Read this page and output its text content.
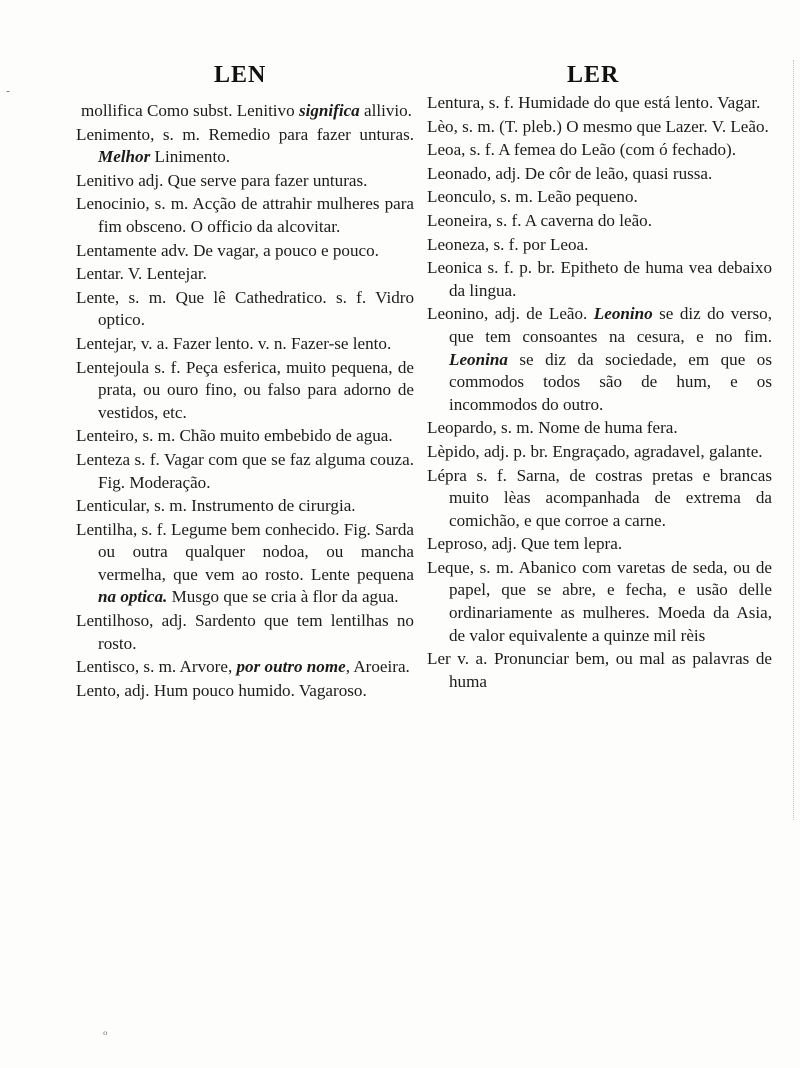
LEN	LER

mollifica Como subst. Lenitivo significa allivio.

Lenimento, s. m. Remedio para fazer unturas. Melhor Linimento.

Lenitivo adj. Que serve para fazer unturas.

Lenocinio, s. m. Acção de attrahir mulheres para fim obsceno. O officio da alcovitar.

Lentamente adv. De vagar, a pouco e pouco.

Lentar. V. Lentejar.

Lente, s. m. Que lê Cathedratico. s. f. Vidro optico.

Lentejar, v. a. Fazer lento. v. n. Fazer-se lento.

Lentejoula s. f. Peça esferica, muito pequena, de prata, ou ouro fino, ou falso para adorno de vestidos, etc.

Lenteiro, s. m. Chão muito embebido de agua.

Lenteza s. f. Vagar com que se faz alguma couza. Fig. Moderação.

Lenticular, s. m. Instrumento de cirurgia.

Lentilha, s. f. Legume bem conhecido. Fig. Sarda ou outra qualquer nodoa, ou mancha vermelha, que vem ao rosto. Lente pequena na optica. Musgo que se cria à flor da agua.

Lentilhoso, adj. Sardento que tem lentilhas no rosto.

Lentisco, s. m. Arvore, por outro nome, Aroeira.

Lento, adj. Hum pouco humido. Vagaroso.

Lentura, s. f. Humidade do que está lento. Vagar.

Lèo, s. m. (T. pleb.) O mesmo que Lazer. V. Leão.

Leoa, s. f. A femea do Leão (com ó fechado).

Leonado, adj. De côr de leão, quasi russa.

Leonculo, s. m. Leão pequeno.

Leoneira, s. f. A caverna do leão.

Leoneza, s. f. por Leoa.

Leonica s. f. p. br. Epitheto de huma vea debaixo da lingua.

Leonino, adj. de Leão. Leonino se diz do verso, que tem consoantes na cesura, e no fim. Leonina se diz da sociedade, em que os commodos todos são de hum, e os incommodos do outro.

Leopardo, s. m. Nome de huma fera.

Lèpido, adj. p. br. Engraçado, agradavel, galante.

Lépra s. f. Sarna, de costras pretas e brancas muito lèas acompanhada de extrema da comichão, e que corroe a carne.

Leproso, adj. Que tem lepra.

Leque, s. m. Abanico com varetas de seda, ou de papel, que se abre, e fecha, e usão delle ordinariamente as mulheres. Moeda da Asia, de valor equivalente a quinze mil rèis

Ler v. a. Pronunciar bem, ou mal as palavras de huma

-
ᵒ
